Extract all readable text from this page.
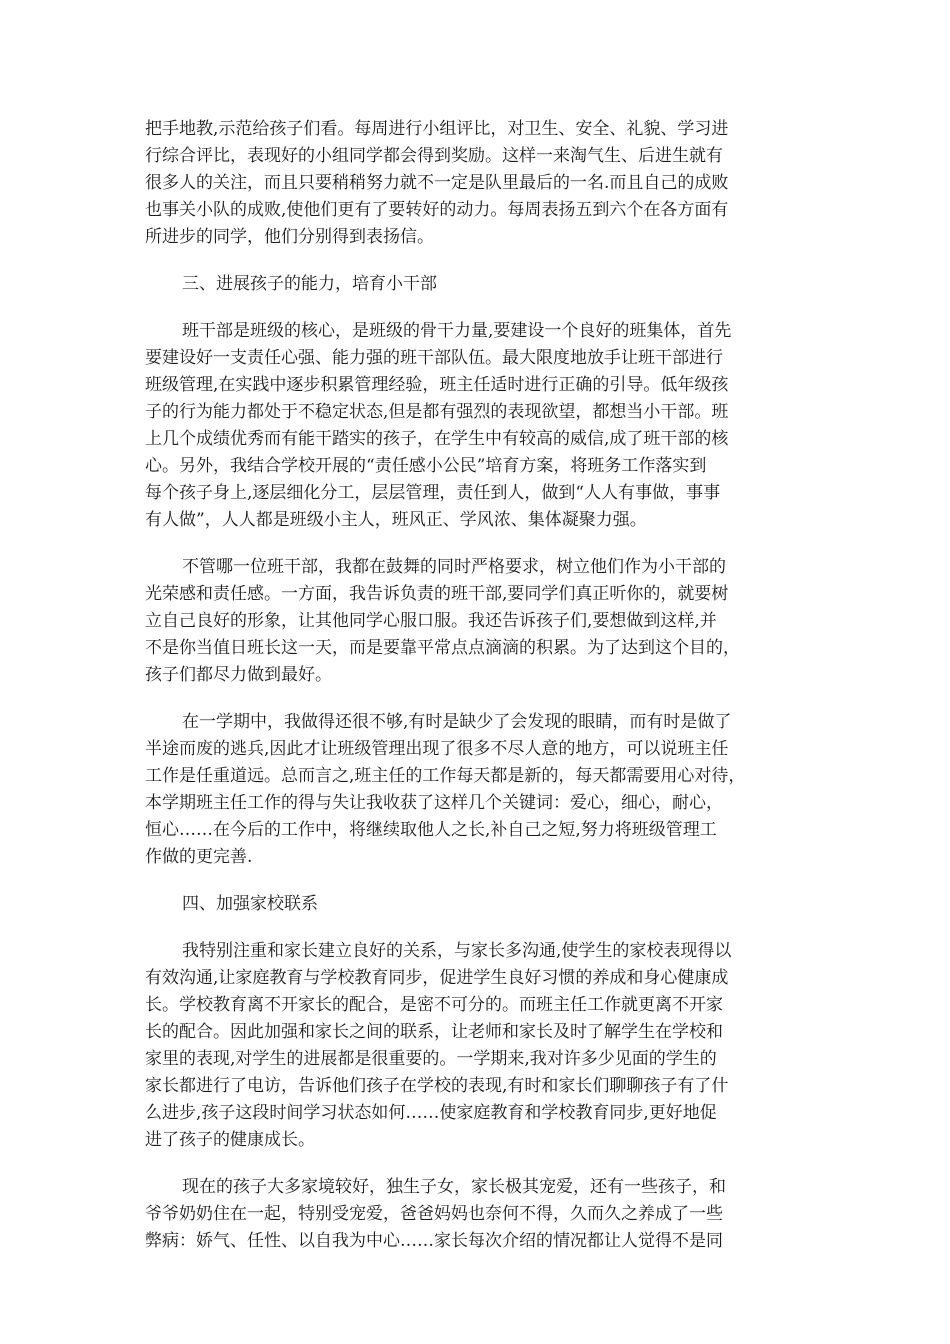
把手地教,示范给孩子们看。每周进行小组评比，对卫生、安全、礼貌、学习进
行综合评比，表现好的小组同学都会得到奖励。这样一来淘气生、后进生就有
很多人的关注，而且只要稍稍努力就不一定是队里最后的一名.而且自己的成败
也事关小队的成败,使他们更有了要转好的动力。每周表扬五到六个在各方面有
所进步的同学，他们分别得到表扬信。
三、进展孩子的能力，培育小干部
班干部是班级的核心，是班级的骨干力量,要建设一个良好的班集体，首先
要建设好一支责任心强、能力强的班干部队伍。最大限度地放手让班干部进行
班级管理,在实践中逐步积累管理经验，班主任适时进行正确的引导。低年级孩
子的行为能力都处于不稳定状态,但是都有强烈的表现欲望，都想当小干部。班
上几个成绩优秀而有能干踏实的孩子，在学生中有较高的威信,成了班干部的核
心。另外，我结合学校开展的“责任感小公民”培育方案，将班务工作落实到
每个孩子身上,逐层细化分工，层层管理，责任到人，做到“人人有事做，事事
有人做”，人人都是班级小主人，班风正、学风浓、集体凝聚力强。
不管哪一位班干部，我都在鼓舞的同时严格要求，树立他们作为小干部的
光荣感和责任感。一方面，我告诉负责的班干部,要同学们真正听你的，就要树
立自己良好的形象，让其他同学心服口服。我还告诉孩子们,要想做到这样,并
不是你当值日班长这一天，而是要靠平常点点滴滴的积累。为了达到这个目的，
孩子们都尽力做到最好。
在一学期中，我做得还很不够,有时是缺少了会发现的眼睛，而有时是做了
半途而废的逃兵,因此才让班级管理出现了很多不尽人意的地方，可以说班主任
工作是任重道远。总而言之,班主任的工作每天都是新的，每天都需要用心对待，
本学期班主任工作的得与失让我收获了这样几个关键词：爱心，细心，耐心，
恒心……在今后的工作中，将继续取他人之长,补自己之短,努力将班级管理工
作做的更完善.
四、加强家校联系
我特别注重和家长建立良好的关系，与家长多沟通,使学生的家校表现得以
有效沟通,让家庭教育与学校教育同步，促进学生良好习惯的养成和身心健康成
长。学校教育离不开家长的配合，是密不可分的。而班主任工作就更离不开家
长的配合。因此加强和家长之间的联系，让老师和家长及时了解学生在学校和
家里的表现,对学生的进展都是很重要的。一学期来,我对许多少见面的学生的
家长都进行了电访，告诉他们孩子在学校的表现,有时和家长们聊聊孩子有了什
么进步,孩子这段时间学习状态如何……使家庭教育和学校教育同步,更好地促
进了孩子的健康成长。
现在的孩子大多家境较好，独生子女，家长极其宠爱，还有一些孩子，和
爷爷奶奶住在一起，特别受宠爱，爸爸妈妈也奈何不得，久而久之养成了一些
弊病：娇气、任性、以自我为中心……家长每次介绍的情况都让人觉得不是同
